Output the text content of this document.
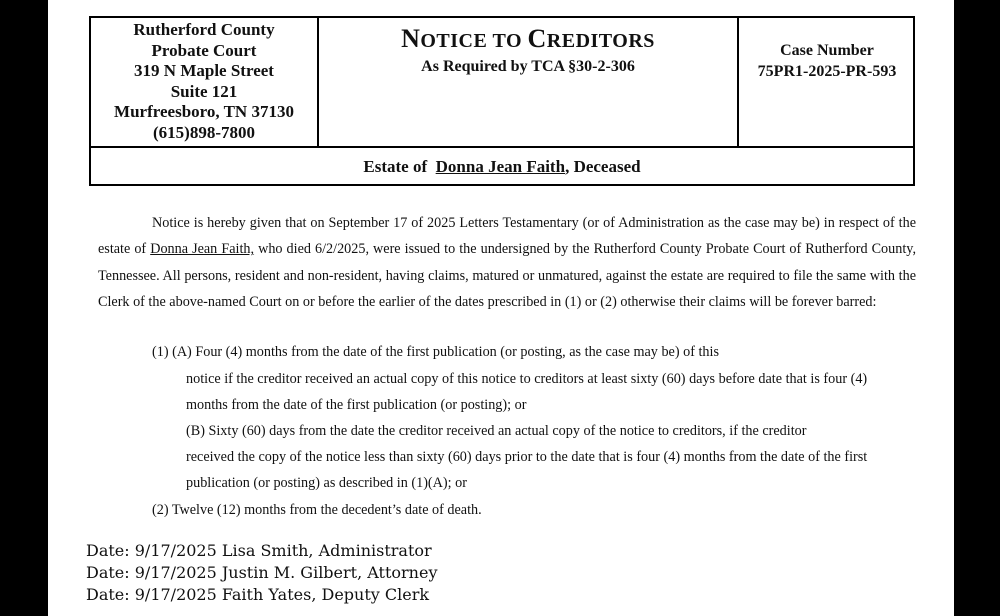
Rutherford County
Probate Court
319 N Maple Street
Suite 121
Murfreesboro, TN 37130
(615)898-7800
NOTICE TO CREDITORS
As Required by TCA §30-2-306
Case Number
75PR1-2025-PR-593
Estate of Donna Jean Faith, Deceased

Notice is hereby given that on September 17 of 2025 Letters Testamentary (or of Administration as the case may be) in respect of the estate of Donna Jean Faith, who died 6/2/2025, were issued to the undersigned by the Rutherford County Probate Court of Rutherford County, Tennessee. All persons, resident and non-resident, having claims, matured or unmatured, against the estate are required to file the same with the Clerk of the above-named Court on or before the earlier of the dates prescribed in (1) or (2) otherwise their claims will be forever barred:

(1) (A) Four (4) months from the date of the first publication (or posting, as the case may be) of this
notice if the creditor received an actual copy of this notice to creditors at least sixty (60) days before date that is four (4)
months from the date of the first publication (or posting); or
(B) Sixty (60) days from the date the creditor received an actual copy of the notice to creditors, if the creditor
received the copy of the notice less than sixty (60) days prior to the date that is four (4) months from the date of the first
publication (or posting) as described in (1)(A); or
(2) Twelve (12) months from the decedent’s date of death.
Date: 9/17/2025 Lisa Smith, Administrator
Date: 9/17/2025 Justin M. Gilbert, Attorney
Date: 9/17/2025 Faith Yates, Deputy Clerk
